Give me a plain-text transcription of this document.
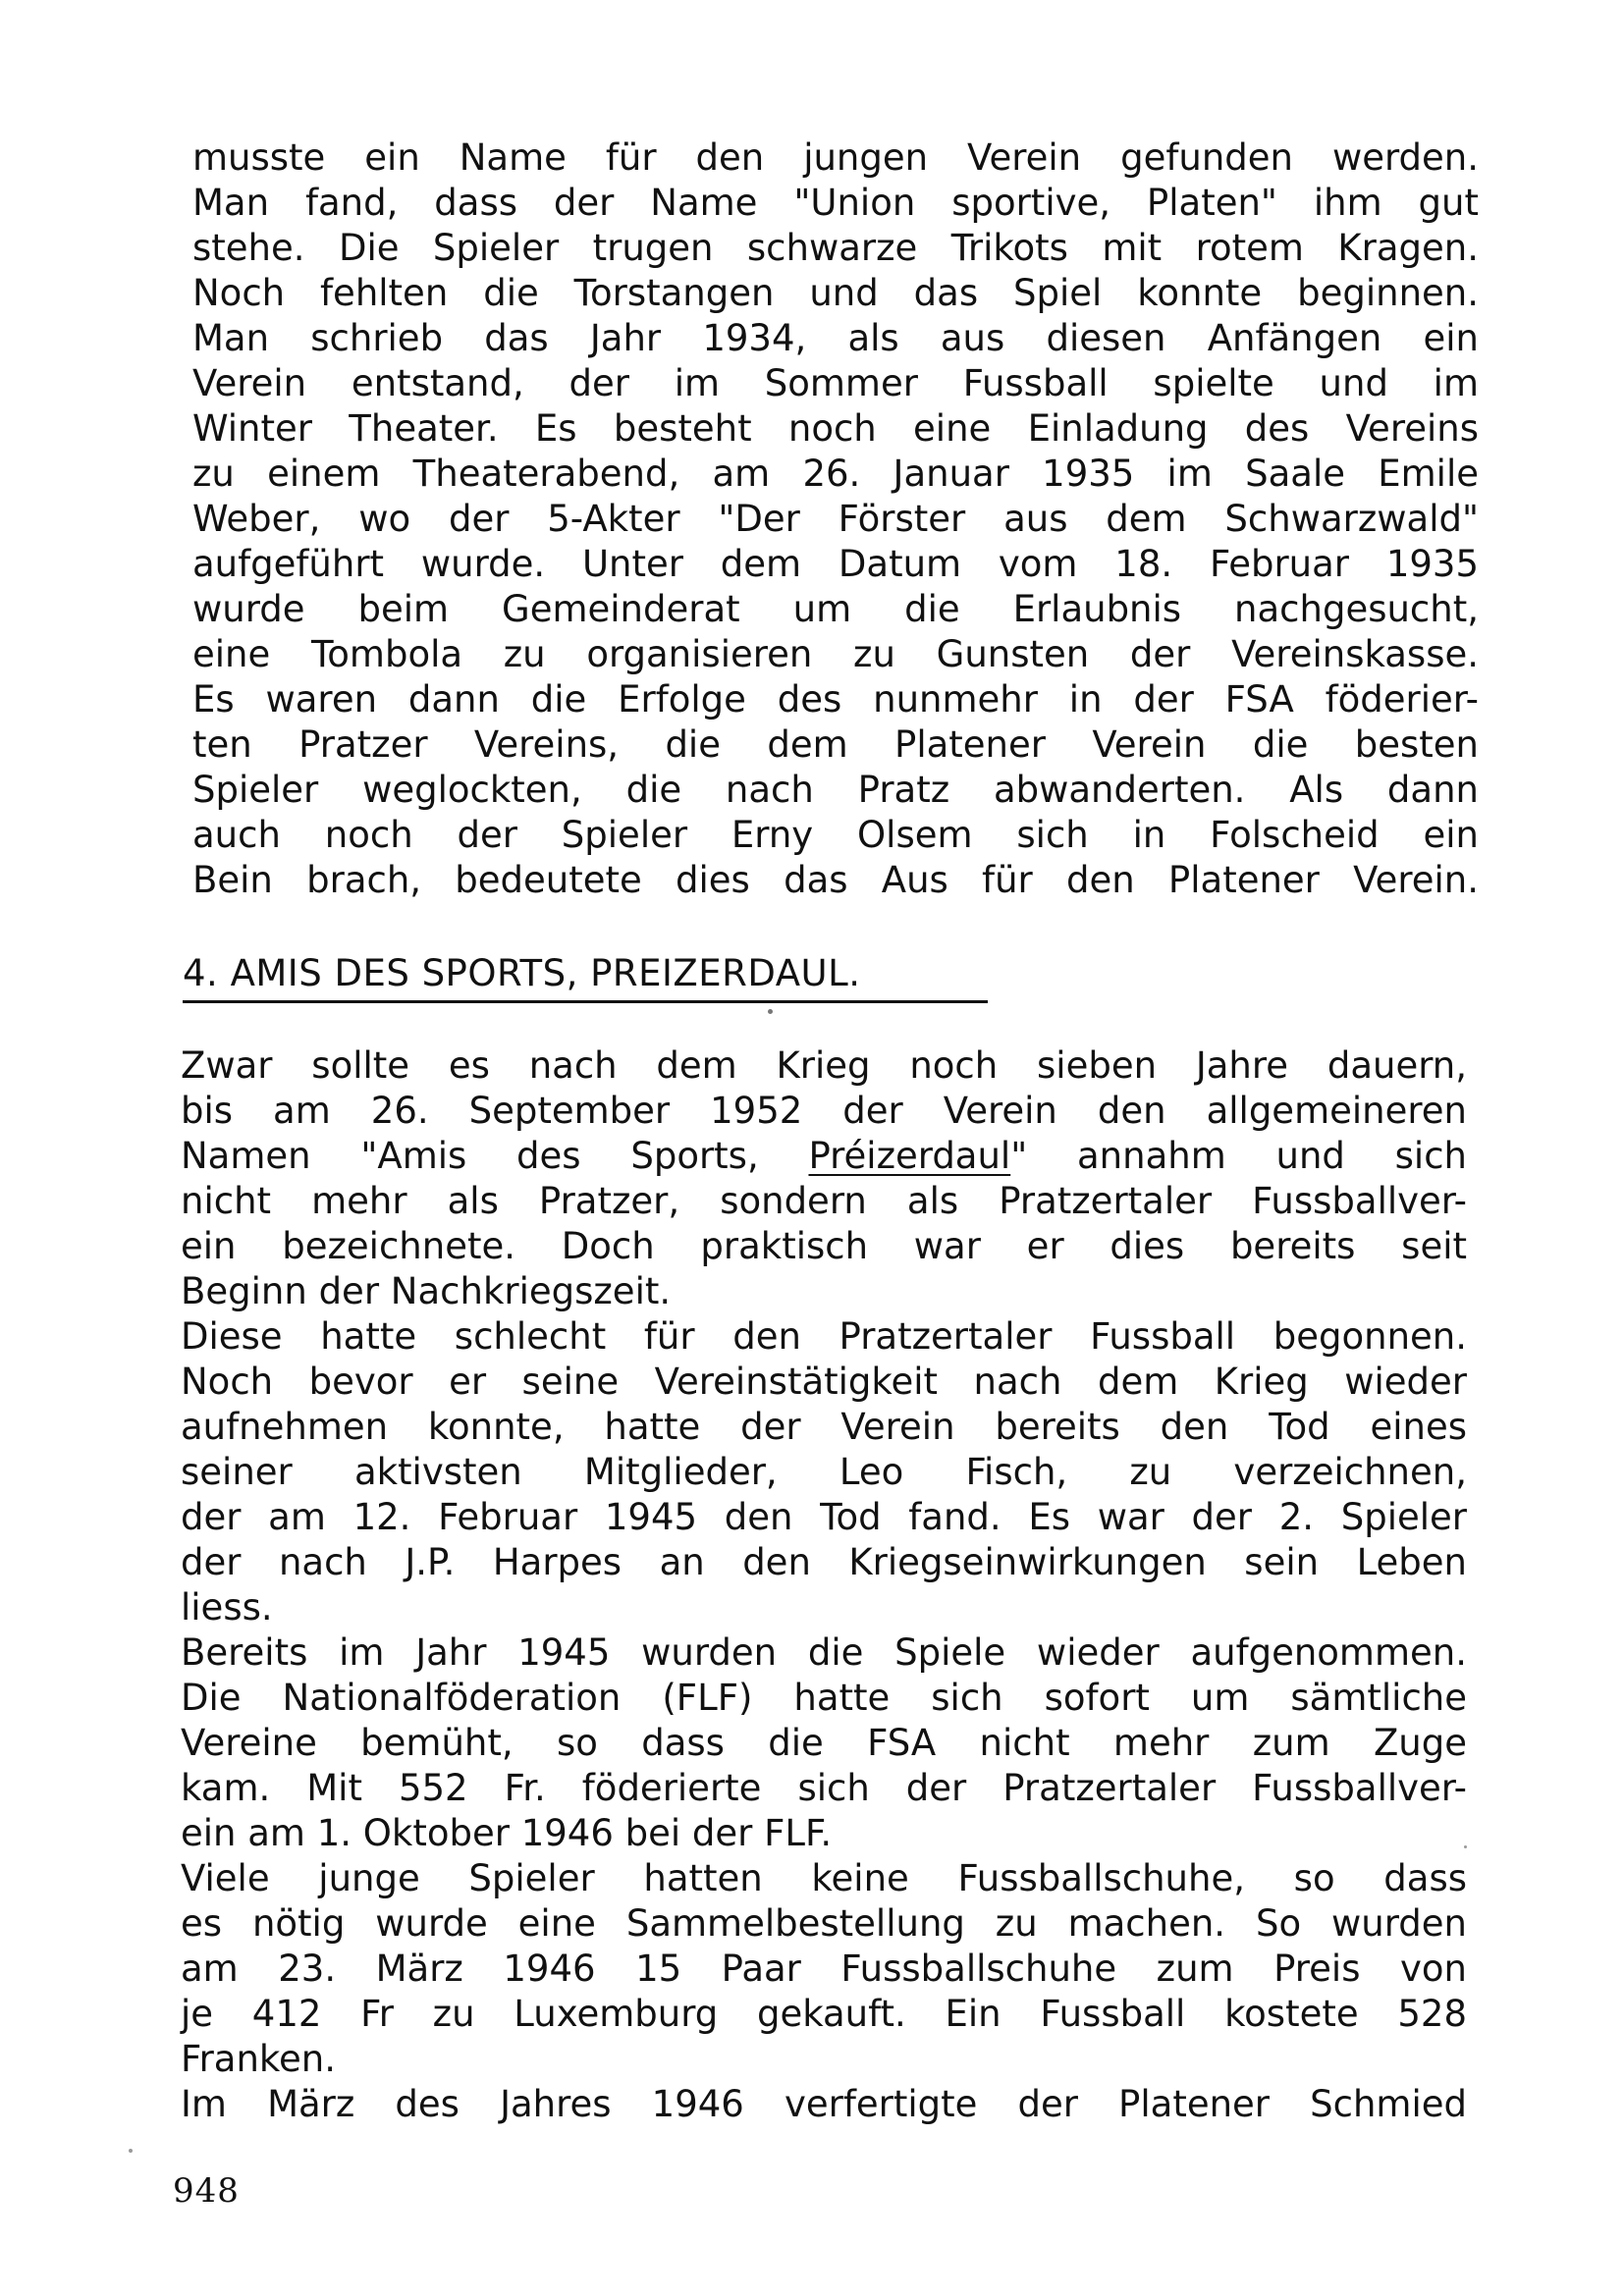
musste ein Name für den jungen Verein gefunden werden.
Man fand, dass der Name "Union sportive, Platen" ihm gut
stehe. Die Spieler trugen schwarze Trikots mit rotem Kragen.
Noch fehlten die Torstangen und das Spiel konnte beginnen.
Man schrieb das Jahr 1934, als aus diesen Anfängen ein
Verein entstand, der im Sommer Fussball spielte und im
Winter Theater. Es besteht noch eine Einladung des Vereins
zu einem Theaterabend, am 26. Januar 1935 im Saale Emile
Weber, wo der 5-Akter "Der Förster aus dem Schwarzwald"
aufgeführt wurde. Unter dem Datum vom 18. Februar 1935
wurde beim Gemeinderat um die Erlaubnis nachgesucht,
eine Tombola zu organisieren zu Gunsten der Vereinskasse.
Es waren dann die Erfolge des nunmehr in der FSA föderier-
ten Pratzer Vereins, die dem Platener Verein die besten
Spieler weglockten, die nach Pratz abwanderten. Als dann
auch noch der Spieler Erny Olsem sich in Folscheid ein
Bein brach, bedeutete dies das Aus für den Platener Verein.
4. AMIS DES SPORTS, PREIZERDAUL.
Zwar sollte es nach dem Krieg noch sieben Jahre dauern,
bis am 26. September 1952 der Verein den allgemeineren
Namen "Amis des Sports, Préizerdaul" annahm und sich
nicht mehr als Pratzer, sondern als Pratzertaler Fussballver-
ein bezeichnete. Doch praktisch war er dies bereits seit
Beginn der Nachkriegszeit.
Diese hatte schlecht für den Pratzertaler Fussball begonnen.
Noch bevor er seine Vereinstätigkeit nach dem Krieg wieder
aufnehmen konnte, hatte der Verein bereits den Tod eines
seiner aktivsten Mitglieder, Leo Fisch, zu verzeichnen,
der am 12. Februar 1945 den Tod fand. Es war der 2. Spieler
der nach J.P. Harpes an den Kriegseinwirkungen sein Leben
liess.
Bereits im Jahr 1945 wurden die Spiele wieder aufgenommen.
Die Nationalföderation (FLF) hatte sich sofort um sämtliche
Vereine bemüht, so dass die FSA nicht mehr zum Zuge
kam. Mit 552 Fr. föderierte sich der Pratzertaler Fussballver-
ein am 1. Oktober 1946 bei der FLF.
Viele junge Spieler hatten keine Fussballschuhe, so dass
es nötig wurde eine Sammelbestellung zu machen. So wurden
am 23. März 1946 15 Paar Fussballschuhe zum Preis von
je 412 Fr zu Luxemburg gekauft. Ein Fussball kostete 528
Franken.
Im März des Jahres 1946 verfertigte der Platener Schmied
948
